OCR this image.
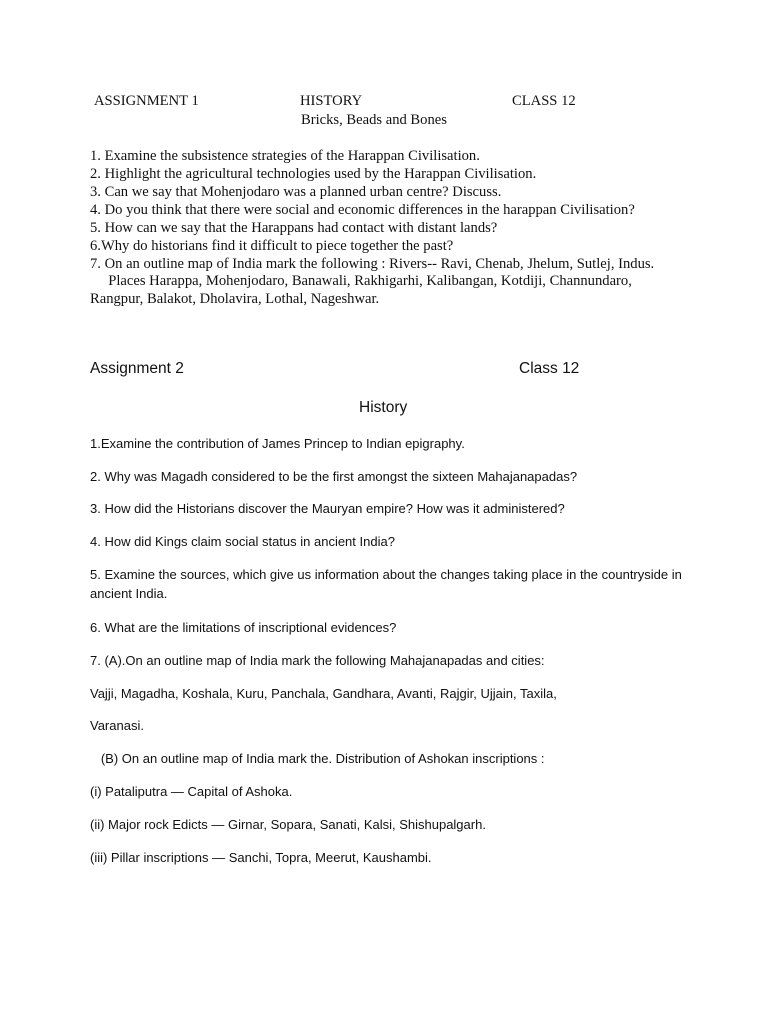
ASSIGNMENT 1	HISTORY	CLASS 12
Bricks, Beads and Bones
1. Examine the subsistence strategies of the Harappan Civilisation.
2. Highlight the agricultural technologies used by the Harappan Civilisation.
3. Can we say that Mohenjodaro was a planned urban centre? Discuss.
4. Do you think that there were social and economic differences in the harappan Civilisation?
5. How can we say that the Harappans had contact with distant lands?
6.Why do historians find it difficult to piece together the past?
7. On an outline map of India mark the following : Rivers-- Ravi, Chenab, Jhelum, Sutlej, Indus.
Places Harappa, Mohenjodaro, Banawali, Rakhigarhi, Kalibangan, Kotdiji, Channundaro,
Rangpur, Balakot, Dholavira, Lothal, Nageshwar.
Assignment 2	Class 12
History
1.Examine the contribution of James Princep to Indian epigraphy.
2. Why was Magadh considered to be the first amongst the sixteen Mahajanapadas?
3. How did the Historians discover the Mauryan empire? How was it administered?
4. How did Kings claim social status in ancient India?
5. Examine the sources, which give us information about the changes taking place in the countryside in
ancient India.
6. What are the limitations of inscriptional evidences?
7. (A).On an outline map of India mark the following Mahajanapadas and cities:
Vajji, Magadha, Koshala, Kuru, Panchala, Gandhara, Avanti, Rajgir, Ujjain, Taxila,
Varanasi.
(B) On an outline map of India mark the. Distribution of Ashokan inscriptions :
(i) Pataliputra — Capital of Ashoka.
(ii) Major rock Edicts — Girnar, Sopara, Sanati, Kalsi, Shishupalgarh.
(iii) Pillar inscriptions — Sanchi, Topra, Meerut, Kaushambi.
